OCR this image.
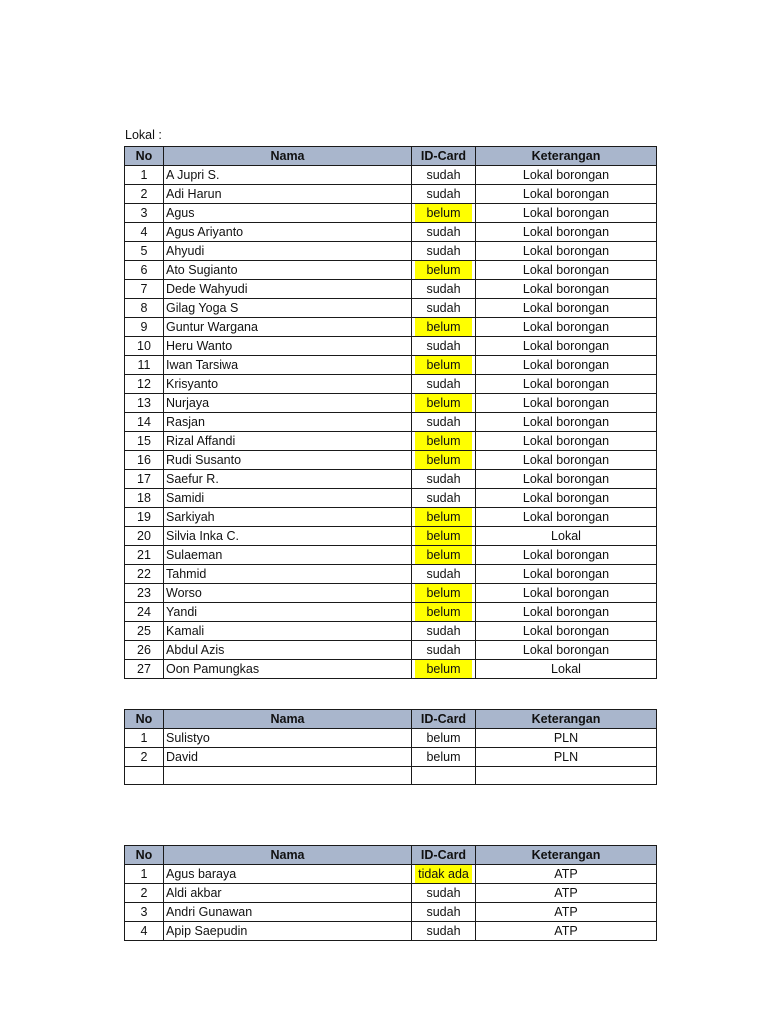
Lokal :
No	Nama	ID-Card	Keterangan
1	A Jupri S.	sudah	Lokal borongan
2	Adi Harun	sudah	Lokal borongan
3	Agus	belum	Lokal borongan
4	Agus Ariyanto	sudah	Lokal borongan
5	Ahyudi	sudah	Lokal borongan
6	Ato Sugianto	belum	Lokal borongan
7	Dede Wahyudi	sudah	Lokal borongan
8	Gilag Yoga S	sudah	Lokal borongan
9	Guntur Wargana	belum	Lokal borongan
10	Heru Wanto	sudah	Lokal borongan
11	Iwan Tarsiwa	belum	Lokal borongan
12	Krisyanto	sudah	Lokal borongan
13	Nurjaya	belum	Lokal borongan
14	Rasjan	sudah	Lokal borongan
15	Rizal Affandi	belum	Lokal borongan
16	Rudi Susanto	belum	Lokal borongan
17	Saefur R.	sudah	Lokal borongan
18	Samidi	sudah	Lokal borongan
19	Sarkiyah	belum	Lokal borongan
20	Silvia Inka C.	belum	Lokal
21	Sulaeman	belum	Lokal borongan
22	Tahmid	sudah	Lokal borongan
23	Worso	belum	Lokal borongan
24	Yandi	belum	Lokal borongan
25	Kamali	sudah	Lokal borongan
26	Abdul Azis	sudah	Lokal borongan
27	Oon Pamungkas	belum	Lokal
No	Nama	ID-Card	Keterangan
1	Sulistyo	belum	PLN
2	David	belum	PLN

No	Nama	ID-Card	Keterangan
1	Agus baraya	tidak ada	ATP
2	Aldi akbar	sudah	ATP
3	Andri Gunawan	sudah	ATP
4	Apip Saepudin	sudah	ATP
